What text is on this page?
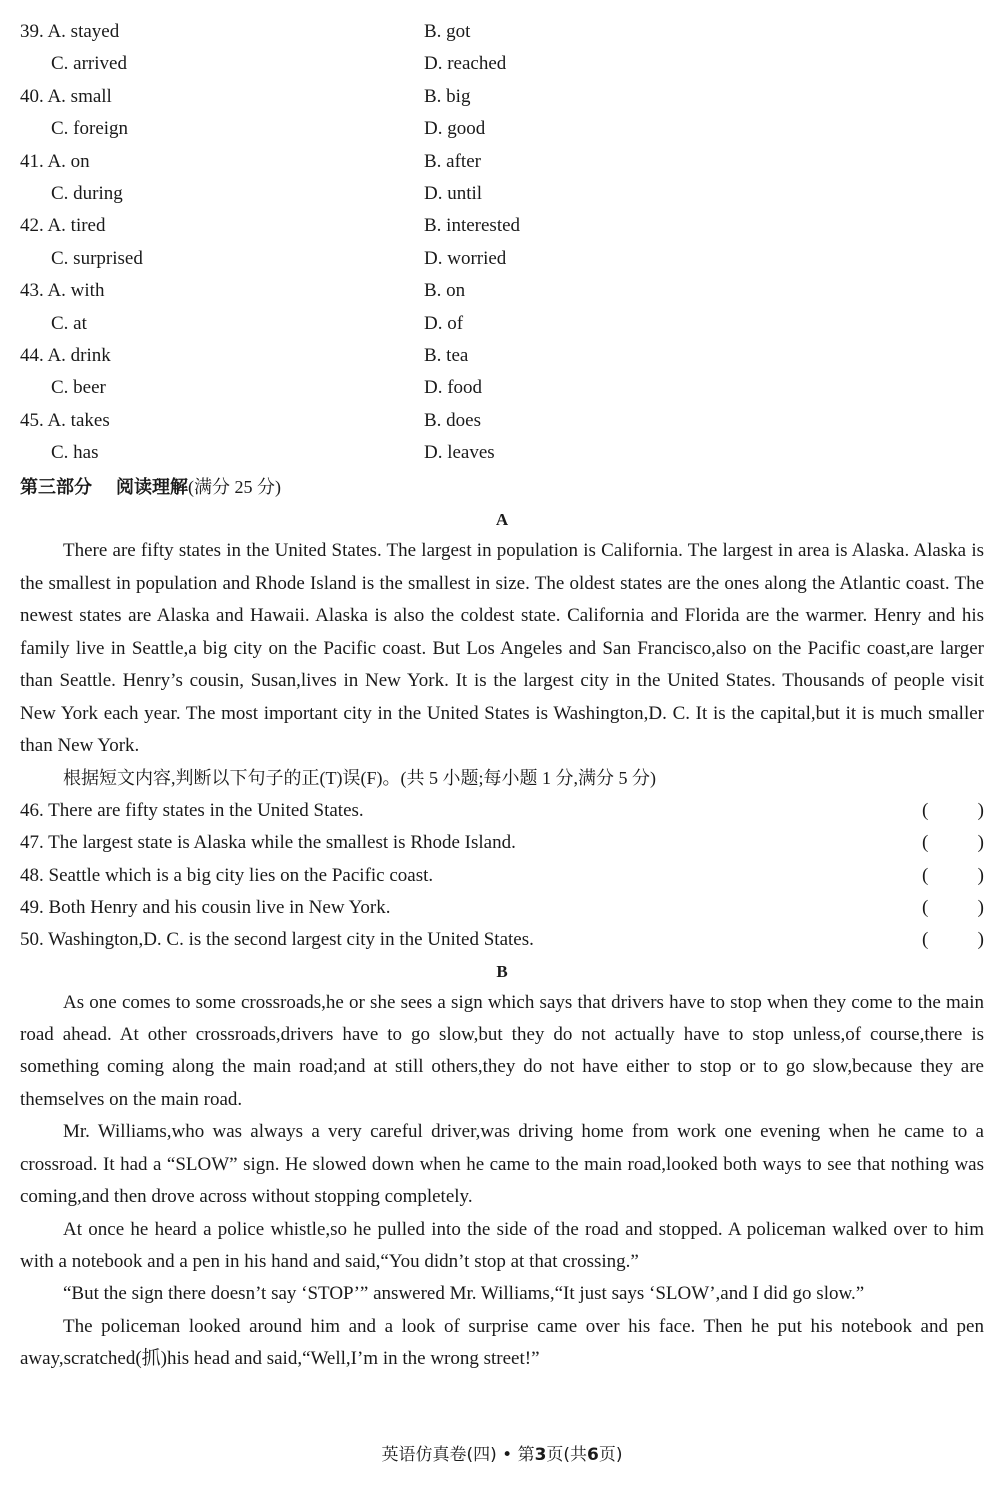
39. A. stayed	B. got
C. arrived	D. reached
40. A. small	B. big
C. foreign	D. good
41. A. on	B. after
C. during	D. until
42. A. tired	B. interested
C. surprised	D. worried
43. A. with	B. on
C. at	D. of
44. A. drink	B. tea
C. beer	D. food
45. A. takes	B. does
C. has	D. leaves
第三部分 阅读理解(满分 25 分)
A

There are fifty states in the United States. The largest in population is California. The largest in area is Alaska. Alaska is the smallest in population and Rhode Island is the smallest in size. The oldest states are the ones along the Atlantic coast. The newest states are Alaska and Hawaii. Alaska is also the coldest state. California and Florida are the warmer. Henry and his family live in Seattle,a big city on the Pacific coast. But Los Angeles and San Francisco,also on the Pacific coast,are larger than Seattle. Henry’s cousin, Susan,lives in New York. It is the largest city in the United States. Thousands of people visit New York each year. The most important city in the United States is Washington,D. C. It is the capital,but it is much smaller than New York.

根据短文内容,判断以下句子的正(T)误(F)。(共 5 小题;每小题 1 分,满分 5 分)

46. There are fifty states in the United States.	(	)
47. The largest state is Alaska while the smallest is Rhode Island.	(	)
48. Seattle which is a big city lies on the Pacific coast.	(	)
49. Both Henry and his cousin live in New York.	(	)
50. Washington,D. C. is the second largest city in the United States.	(	)
B

As one comes to some crossroads,he or she sees a sign which says that drivers have to stop when they come to the main road ahead. At other crossroads,drivers have to go slow,but they do not actually have to stop unless,of course,there is something coming along the main road;and at still others,they do not have either to stop or to go slow,because they are themselves on the main road.

Mr. Williams,who was always a very careful driver,was driving home from work one evening when he came to a crossroad. It had a “SLOW” sign. He slowed down when he came to the main road,looked both ways to see that nothing was coming,and then drove across without stopping completely.

At once he heard a police whistle,so he pulled into the side of the road and stopped. A policeman walked over to him with a notebook and a pen in his hand and said,“You didn’t stop at that crossing.”

“But the sign there doesn’t say ‘STOP’” answered Mr. Williams,“It just says ‘SLOW’,and I did go slow.”

The policeman looked around him and a look of surprise came over his face. Then he put his notebook and pen away,scratched(抓)his head and said,“Well,I’m in the wrong street!”

英语仿真卷(四) • 第3页(共6页)
